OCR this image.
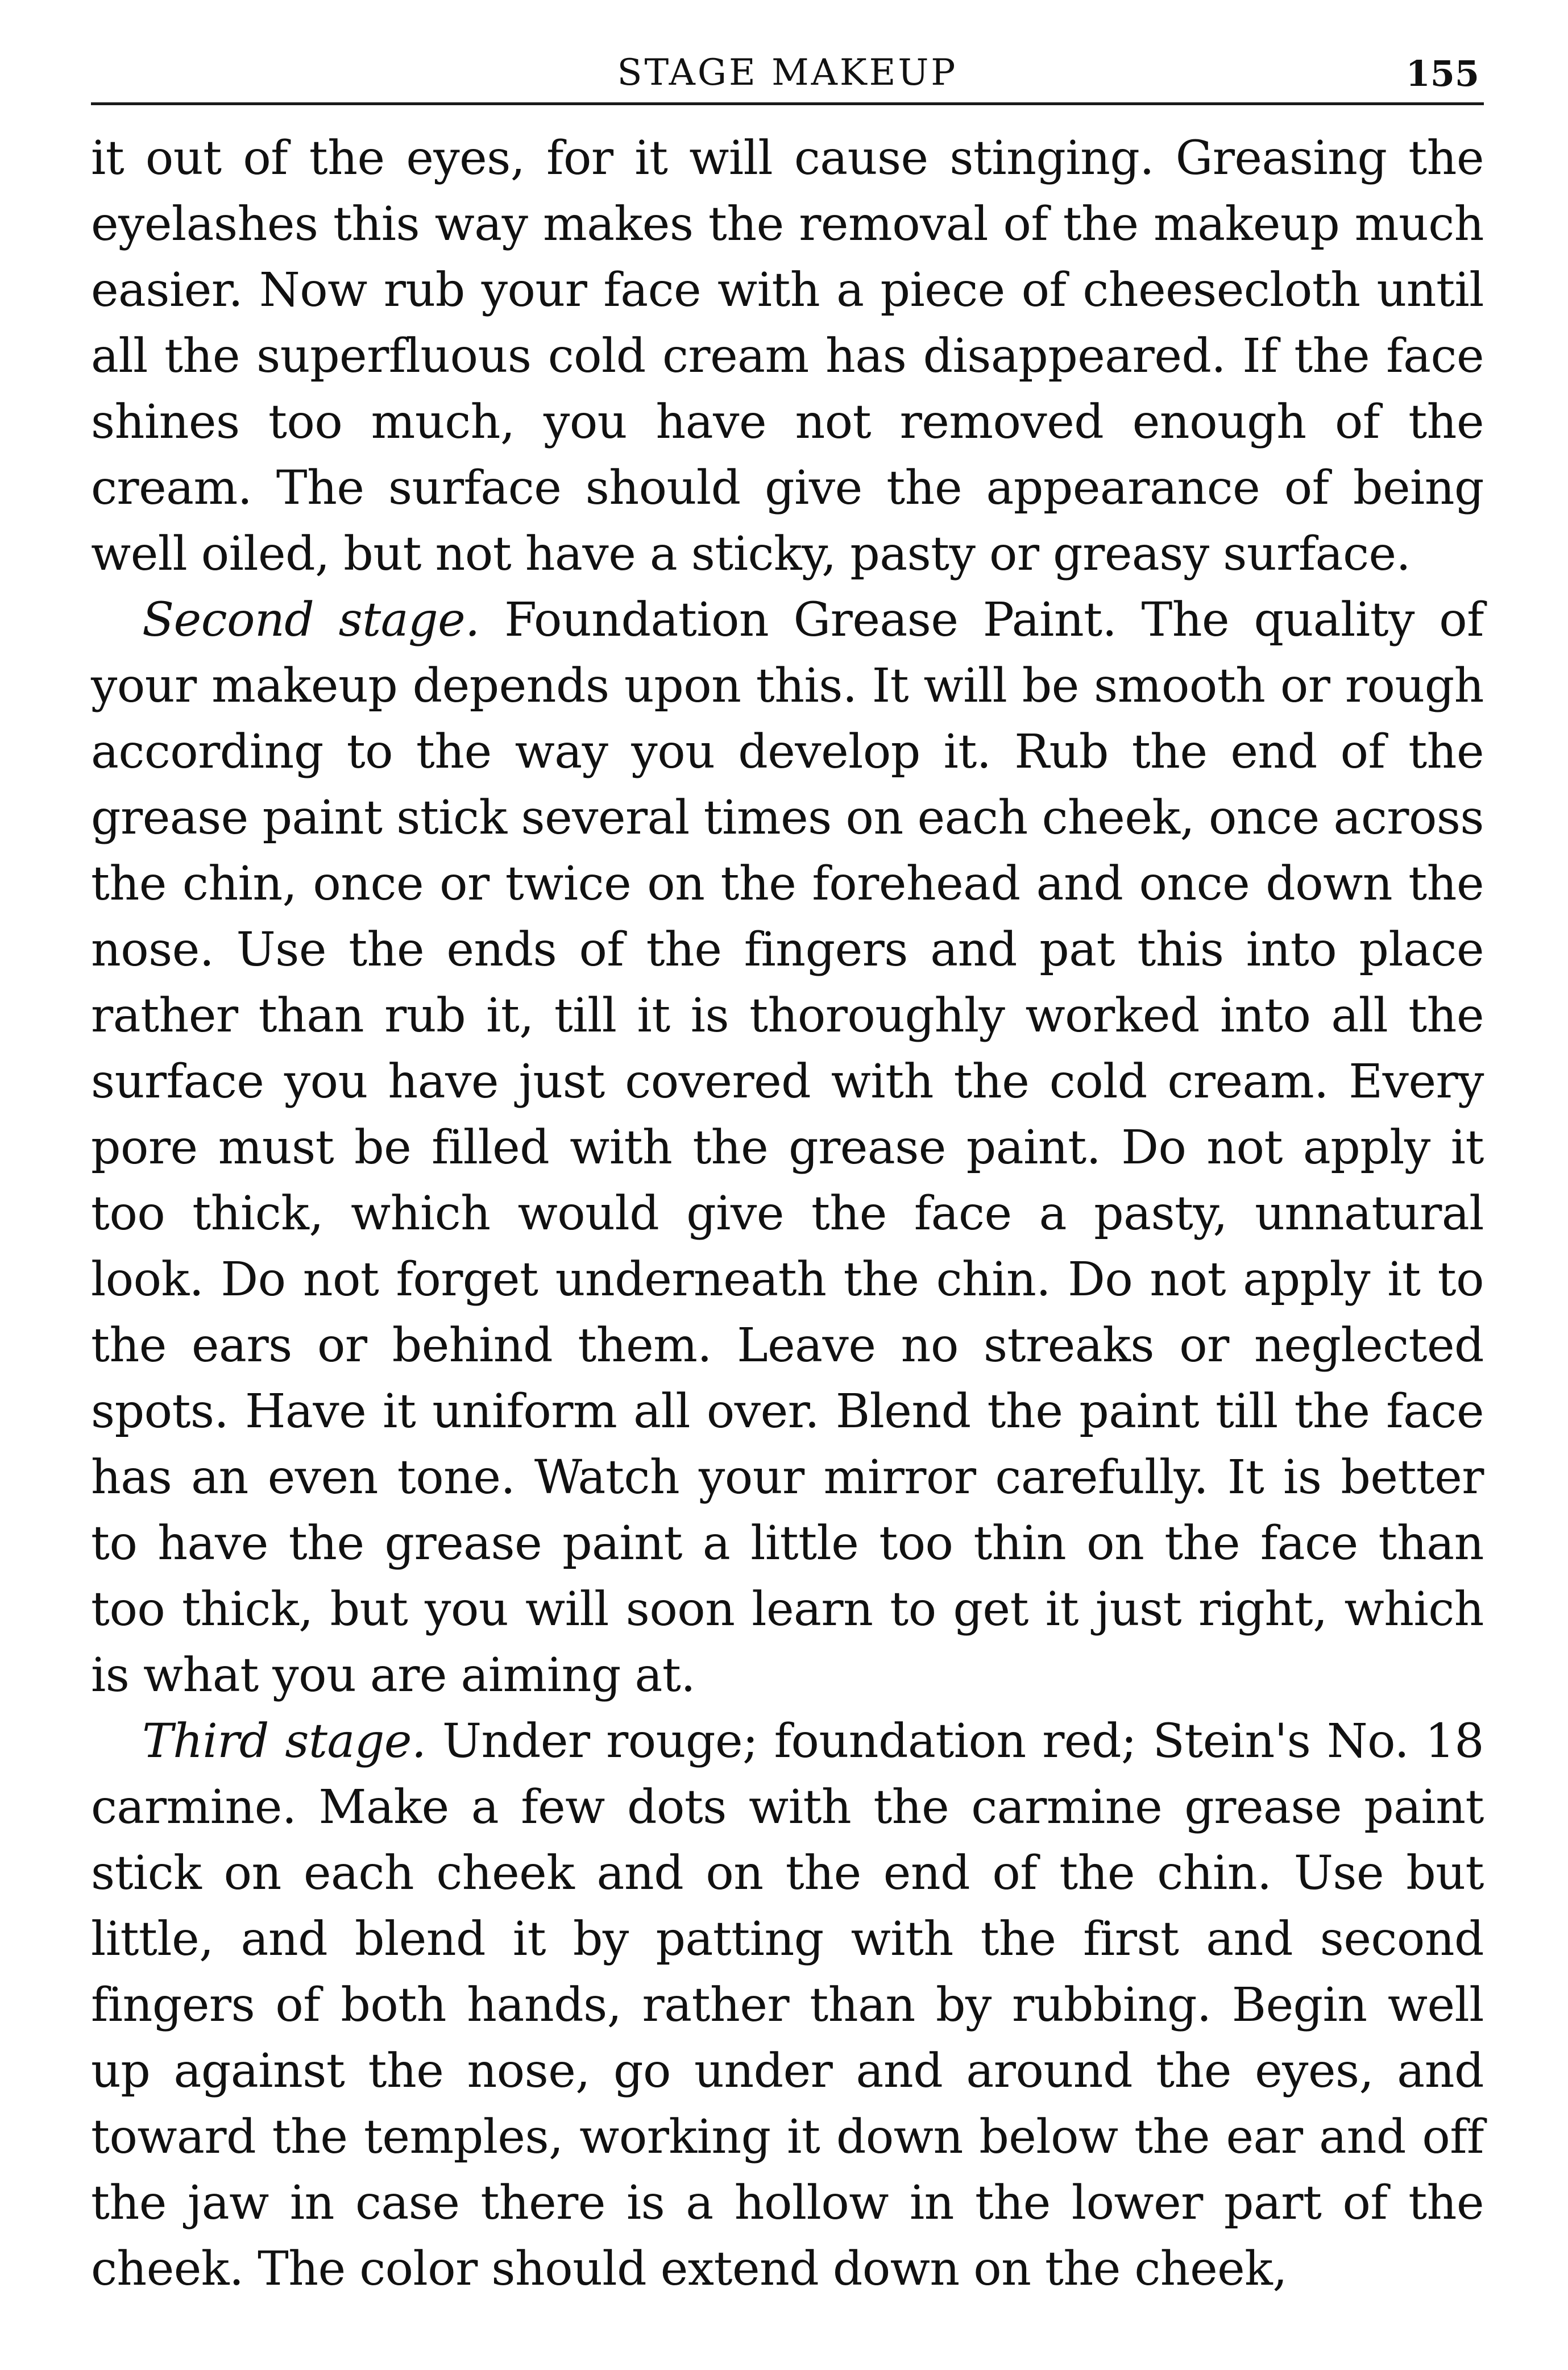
STAGE MAKEUP	155

it out of the eyes, for it will cause stinging. Greasing the eyelashes this way makes the removal of the makeup much easier. Now rub your face with a piece of cheesecloth until all the superfluous cold cream has disappeared. If the face shines too much, you have not removed enough of the cream. The surface should give the appearance of being well oiled, but not have a sticky, pasty or greasy surface.

Second stage. Foundation Grease Paint. The quality of your makeup depends upon this. It will be smooth or rough according to the way you develop it. Rub the end of the grease paint stick several times on each cheek, once across the chin, once or twice on the forehead and once down the nose. Use the ends of the fingers and pat this into place rather than rub it, till it is thoroughly worked into all the surface you have just covered with the cold cream. Every pore must be filled with the grease paint. Do not apply it too thick, which would give the face a pasty, unnatural look. Do not forget underneath the chin. Do not apply it to the ears or behind them. Leave no streaks or neglected spots. Have it uniform all over. Blend the paint till the face has an even tone. Watch your mirror carefully. It is better to have the grease paint a little too thin on the face than too thick, but you will soon learn to get it just right, which is what you are aiming at.

Third stage. Under rouge; foundation red; Stein's No. 18 carmine. Make a few dots with the carmine grease paint stick on each cheek and on the end of the chin. Use but little, and blend it by patting with the first and second fingers of both hands, rather than by rubbing. Begin well up against the nose, go under and around the eyes, and toward the temples, working it down below the ear and off the jaw in case there is a hollow in the lower part of the cheek. The color should extend down on the cheek,
